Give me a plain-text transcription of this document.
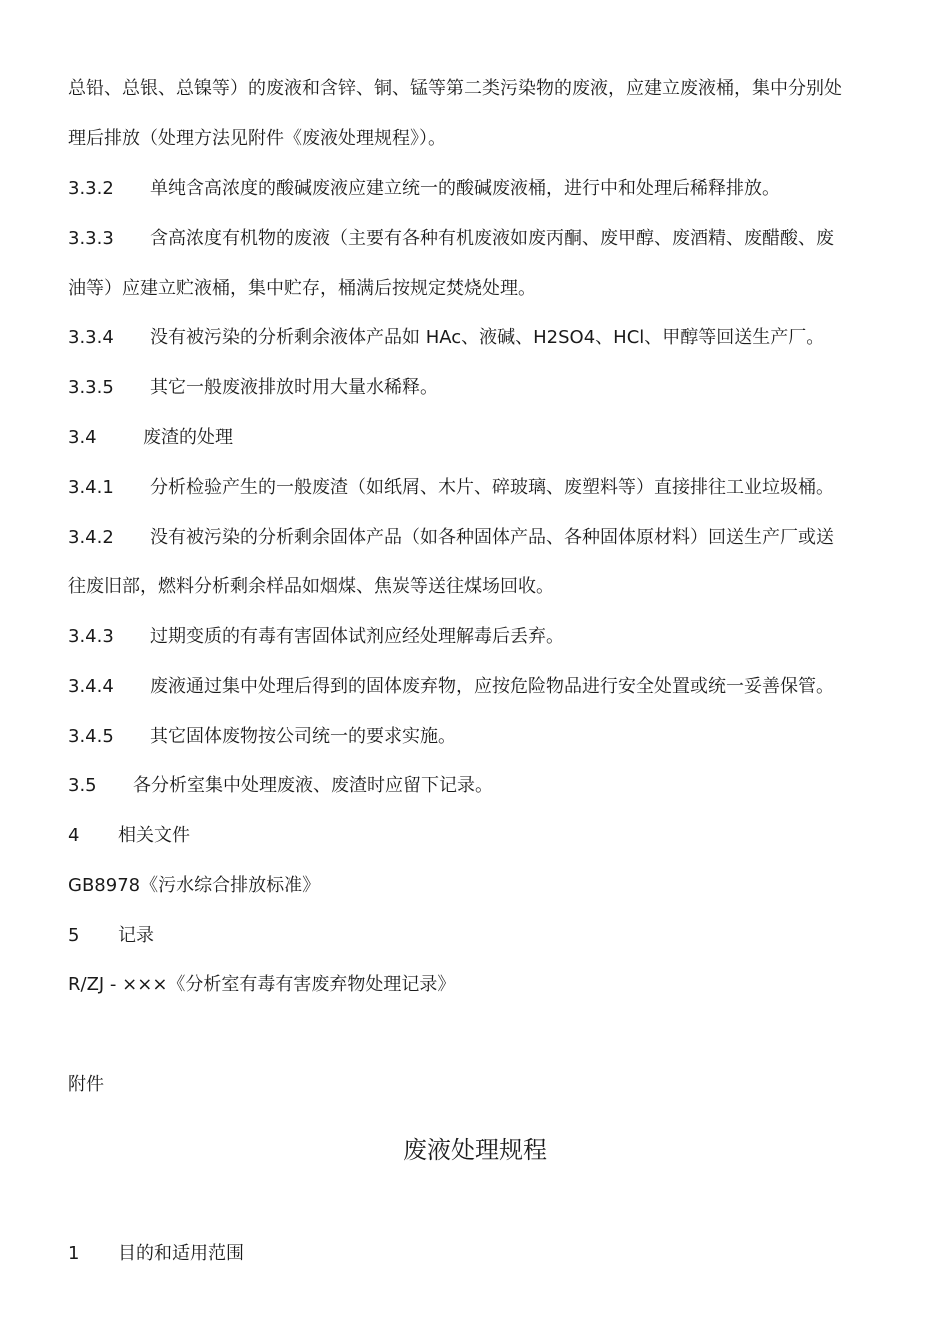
总铅、总银、总镍等）的废液和含锌、铜、锰等第二类污染物的废液，应建立废液桶，集中分别处
理后排放（处理方法见附件《废液处理规程》）。
3.3.2 单纯含高浓度的酸碱废液应建立统一的酸碱废液桶，进行中和处理后稀释排放。
3.3.3 含高浓度有机物的废液（主要有各种有机废液如废丙酮、废甲醇、废酒精、废醋酸、废
油等）应建立贮液桶，集中贮存，桶满后按规定焚烧处理。
3.3.4 没有被污染的分析剩余液体产品如 HAc、液碱、H2SO4、HCl、甲醇等回送生产厂。
3.3.5 其它一般废液排放时用大量水稀释。
3.4	废渣的处理
3.4.1 分析检验产生的一般废渣（如纸屑、木片、碎玻璃、废塑料等）直接排往工业垃圾桶。
3.4.2 没有被污染的分析剩余固体产品（如各种固体产品、各种固体原材料）回送生产厂或送
往废旧部，燃料分析剩余样品如烟煤、焦炭等送往煤场回收。
3.4.3 过期变质的有毒有害固体试剂应经处理解毒后丢弃。
3.4.4 废液通过集中处理后得到的固体废弃物，应按危险物品进行安全处置或统一妥善保管。
3.4.5 其它固体废物按公司统一的要求实施。
3.5 各分析室集中处理废液、废渣时应留下记录。
4 相关文件
GB8978《污水综合排放标准》
5 记录
R/ZJ - ×××《分析室有毒有害废弃物处理记录》
附件
废液处理规程
1 目的和适用范围
